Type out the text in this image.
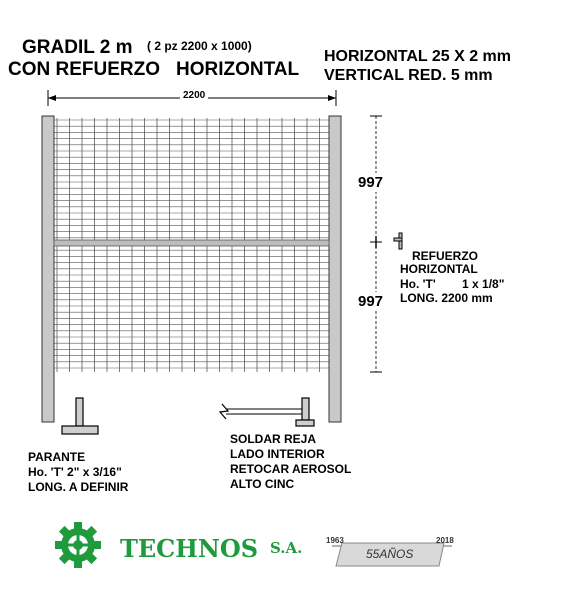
GRADIL 2 m ( 2 pz 2200 x 1000)
CON REFUERZO HORIZONTAL
HORIZONTAL 25 X 2 mm
VERTICAL RED. 5 mm
2200
997
997
REFUERZO
HORIZONTAL
Ho. 'T' 1 x 1/8"
LONG. 2200 mm
PARANTE
Ho. 'T' 2" x 3/16"
LONG. A DEFINIR
SOLDAR REJA
LADO INTERIOR
RETOCAR AEROSOL
ALTO CINC
TECHNOS S.A.	1963	2018
55AÑOS
